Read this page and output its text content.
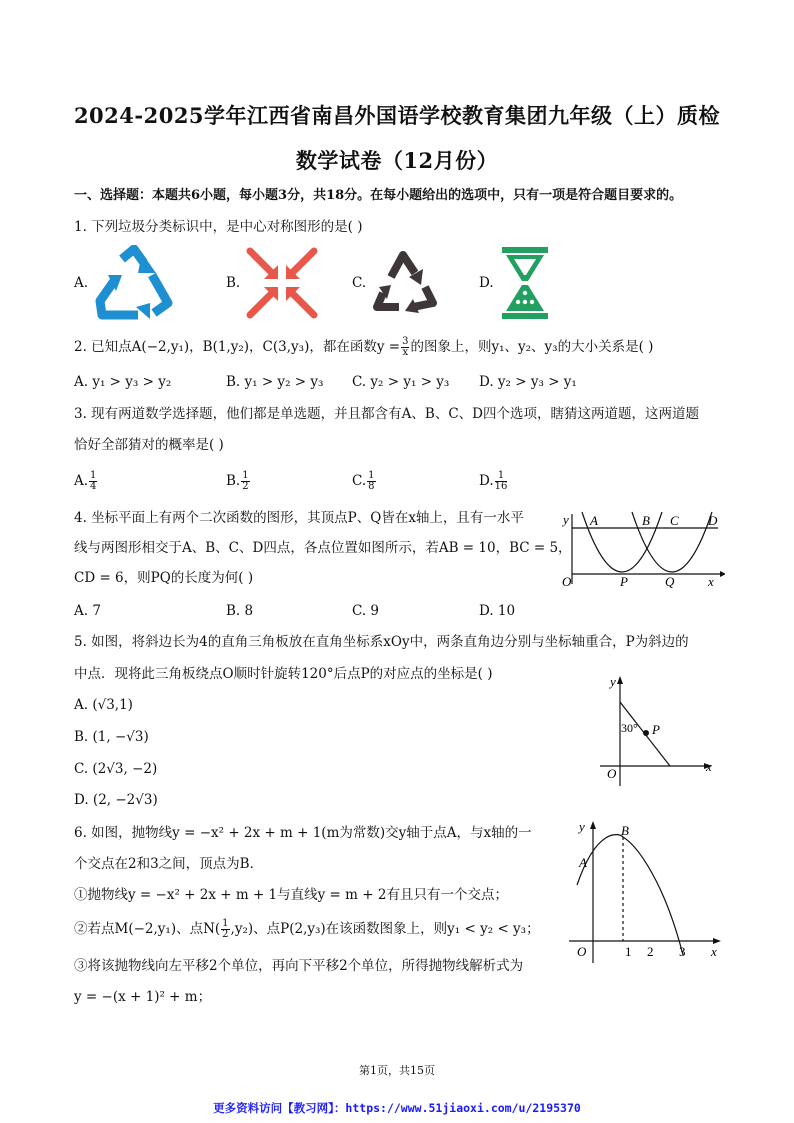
2024-2025学年江西省南昌外国语学校教育集团九年级（上）质检
数学试卷（12月份）
一、选择题：本题共6小题，每小题3分，共18分。在每小题给出的选项中，只有一项是符合题目要求的。
1. 下列垃圾分类标识中，是中心对称图形的是( )
A.	B.	C.	D.
2. 已知点A(−2,y₁)，B(1,y₂)，C(3,y₃)，都在函数$y = \frac{3}{x}$ 的图象上，则y₁、y₂、y₃的大小关系是( )
A. y₁ > y₃ > y₂	B. y₁ > y₂ > y₃ C. y₂ > y₁ > y₃ D. y₂ > y₃ > y₁
3. 现有两道数学选择题，他们都是单选题，并且都含有A、B、C、D四个选项，瞎猜这两道题，这两道题
恰好全部猜对的概率是( )
A. $\frac{1}{4}$	B. $\frac{1}{2}$	C. $\frac{1}{8}$	D. $\frac{1}{16}$
4. 坐标平面上有两个二次函数的图形，其顶点P、Q皆在x轴上，且有一水平
线与两图形相交于A、B、C、D四点，各点位置如图所示，若AB = 10，BC = 5，
CD = 6，则PQ的长度为何( )
A. 7	B. 8	C. 9	D. 10
y A	B C D
O	P	Q	x
5. 如图，将斜边长为4的直角三角板放在直角坐标系xOy中，两条直角边分别与坐标轴重合，P为斜边的
中点．现将此三角板绕点O顺时针旋转120°后点P的对应点的坐标是( )
A. (√3,1)
B. (1, −√3)
C. (2√3, −2)
D. (2, −2√3)
y
30° P
O	x
6. 如图，抛物线y = −x² + 2x + m + 1(m为常数)交y轴于点A，与x轴的一
个交点在2和3之间，顶点为B．
①抛物线y = −x² + 2x + m + 1与直线y = m + 2有且只有一个交点；
②若点M(−2,y₁)、点$N( \frac{1}{2} ,y_2)$、点P(2,y₃)在该函数图象上，则y₁ < y₂ < y₃；
③将该抛物线向左平移2个单位，再向下平移2个单位，所得抛物线解析式为
y = −(x + 1)² + m；
y	B
A
O	1 2 3 x
第1页，共15页
更多资料访问【教习网】：https://www.51jiaoxi.com/u/2195370
